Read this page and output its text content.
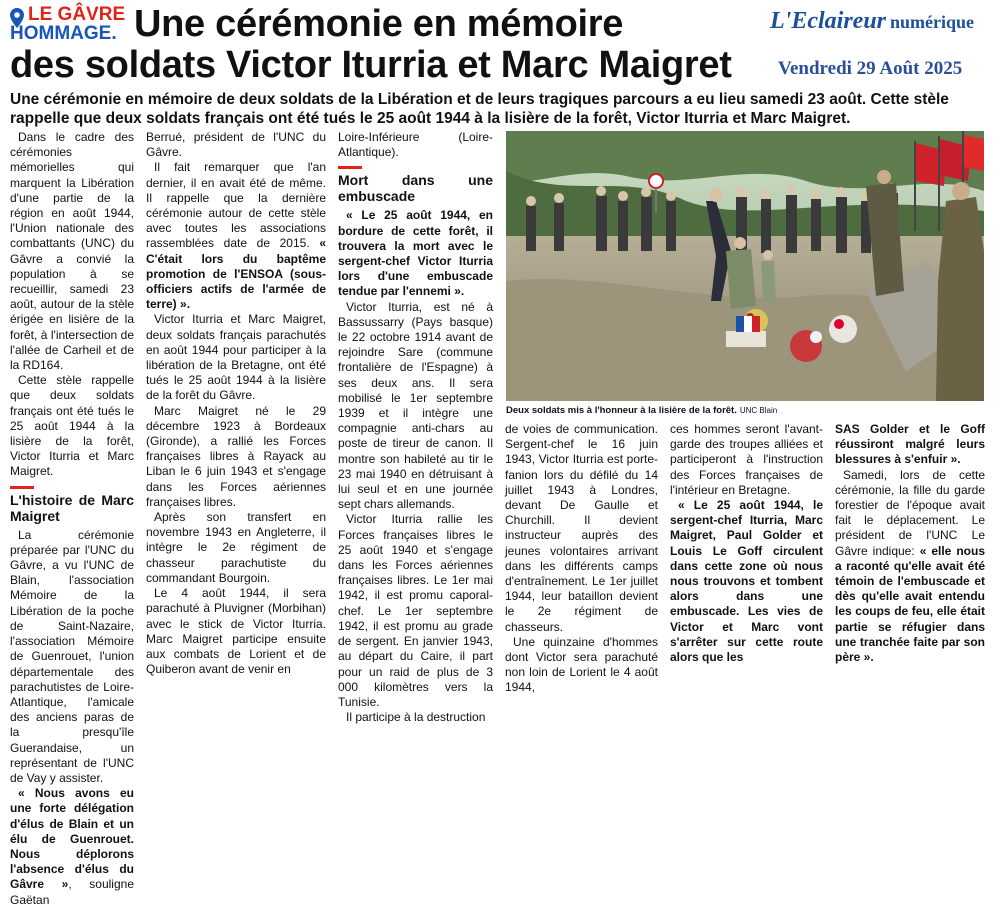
LE GÂVRE
HOMMAGE. Une cérémonie en mémoire
des soldats Victor Iturria et Marc Maigret
L'Eclaireur numérique
Vendredi 29 Août 2025
Une cérémonie en mémoire de deux soldats de la Libération et de leurs tragiques parcours a eu lieu samedi 23 août. Cette stèle rappelle que deux soldats français ont été tués le 25 août 1944 à la lisière de la forêt, Victor Iturria et Marc Maigret.

Dans le cadre des cérémonies mémorielles qui marquent la Libération d'une partie de la région en août 1944, l'Union nationale des combattants (UNC) du Gâvre a convié la population à se recueillir, samedi 23 août, autour de la stèle érigée en lisière de la forêt, à l'intersection de l'allée de Carheil et de la RD164.

Cette stèle rappelle que deux soldats français ont été tués le 25 août 1944 à la lisière de la forêt, Victor Iturria et Marc Maigret.

L'histoire de Marc Maigret

La cérémonie préparée par l'UNC du Gâvre, a vu l'UNC de Blain, l'association Mémoire de la Libération de la poche de Saint-Nazaire, l'association Mémoire de Guenrouet, l'union départementale des parachutistes de Loire-Atlantique, l'amicale des anciens paras de la presqu'île Guerandaise, un représentant de l'UNC de Vay y assister.

« Nous avons eu une forte délégation d'élus de Blain et un élu de Guenrouet. Nous déplorons l'absence d'élus du Gâvre », souligne Gaëtan

Berrué, président de l'UNC du Gâvre.

Il fait remarquer que l'an dernier, il en avait été de même. Il rappelle que la dernière cérémonie autour de cette stèle avec toutes les associations rassemblées date de 2015. « C'était lors du baptême promotion de l'ENSOA (sous-officiers actifs de l'armée de terre) ».

Victor Iturria et Marc Maigret, deux soldats français parachutés en août 1944 pour participer à la libération de la Bretagne, ont été tués le 25 août 1944 à la lisière de la forêt du Gâvre.

Marc Maigret né le 29 décembre 1923 à Bordeaux (Gironde), a rallié les Forces françaises libres à Rayack au Liban le 6 juin 1943 et s'engage dans les Forces aériennes françaises libres.

Après son transfert en novembre 1943 en Angleterre, il intègre le 2e régiment de chasseur parachutiste du commandant Bourgoin.

Le 4 août 1944, il sera parachuté à Pluvigner (Morbihan) avec le stick de Victor Iturria. Marc Maigret participe ensuite aux combats de Lorient et de Quiberon avant de venir en

Loire-Inférieure (Loire-Atlantique).

Mort dans une embuscade

« Le 25 août 1944, en bordure de cette forêt, il trouvera la mort avec le sergent-chef Victor Iturria lors d'une embuscade tendue par l'ennemi ».

Victor Iturria, est né à Bassussarry (Pays basque) le 22 octobre 1914 avant de rejoindre Sare (commune frontalière de l'Espagne) à ses deux ans. Il sera mobilisé le 1er septembre 1939 et il intègre une compagnie anti-chars au poste de tireur de canon. Il montre son habileté au tir le 23 mai 1940 en détruisant à lui seul et en une journée sept chars allemands.

Victor Iturria rallie les Forces françaises libres le 25 août 1940 et s'engage dans les Forces aériennes françaises libres. Le 1er mai 1942, il est promu caporal-chef. Le 1er septembre 1942, il est promu au grade de sergent. En janvier 1943, au départ du Caire, il part pour un raid de plus de 3 000 kilomètres vers la Tunisie.

Il participe à la destruction

Deux soldats mis à l'honneur à la lisière de la forêt. UNC Blain

de voies de communication. Sergent-chef le 16 juin 1943, Victor Iturria est porte-fanion lors du défilé du 14 juillet 1943 à Londres, devant De Gaulle et Churchill. Il devient instructeur auprès des jeunes volontaires arrivant dans les différents camps d'entraînement. Le 1er juillet 1944, leur bataillon devient le 2e régiment de chasseurs.

Une quinzaine d'hommes dont Victor sera parachuté non loin de Lorient le 4 août 1944,

ces hommes seront l'avant-garde des troupes alliées et participeront à l'instruction des Forces françaises de l'intérieur en Bretagne.

« Le 25 août 1944, le sergent-chef Iturria, Marc Maigret, Paul Golder et Louis Le Goff circulent dans cette zone où nous nous trouvons et tombent alors dans une embuscade. Les vies de Victor et Marc vont s'arrêter sur cette route alors que les

SAS Golder et le Goff réussiront malgré leurs blessures à s'enfuir ».

Samedi, lors de cette cérémonie, la fille du garde forestier de l'époque avait fait le déplacement. Le président de l'UNC Le Gâvre indique: « elle nous a raconté qu'elle avait été témoin de l'embuscade et dès qu'elle avait entendu les coups de feu, elle était partie se réfugier dans une tranchée faite par son père ».
